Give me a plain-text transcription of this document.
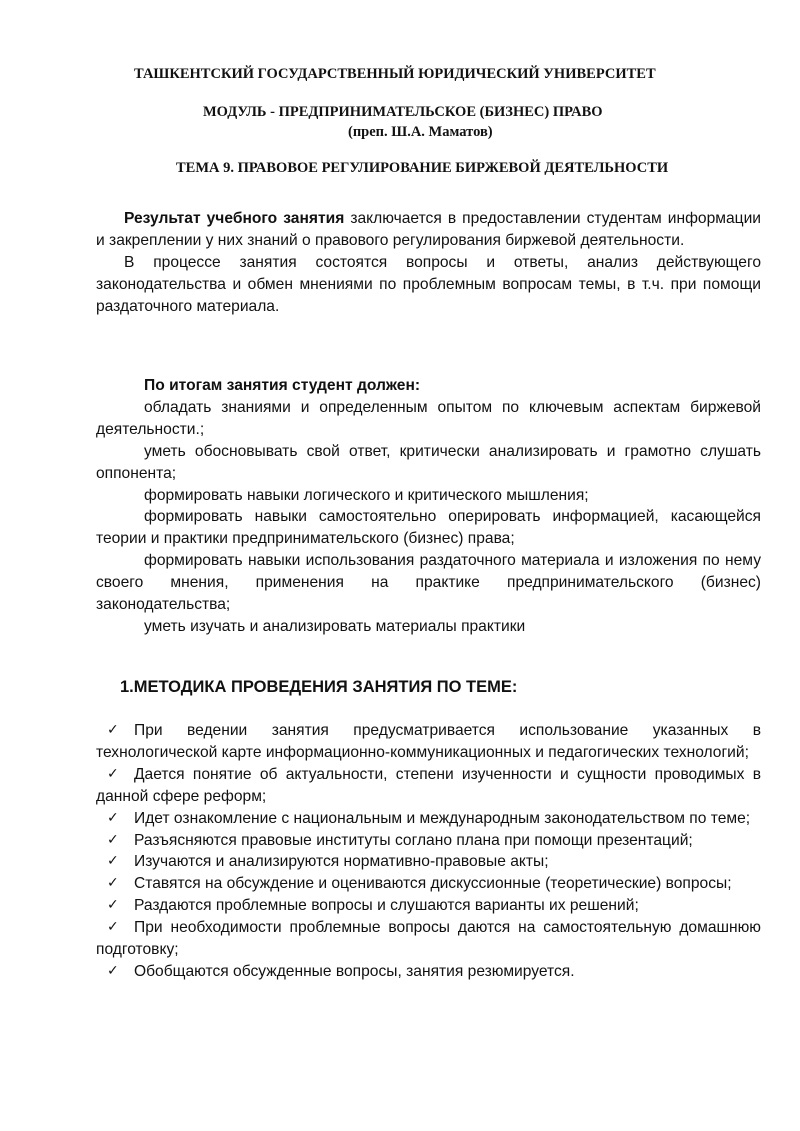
ТАШКЕНТСКИЙ ГОСУДАРСТВЕННЫЙ ЮРИДИЧЕСКИЙ УНИВЕРСИТЕТ
МОДУЛЬ - ПРЕДПРИНИМАТЕЛЬСКОЕ (БИЗНЕС) ПРАВО
(преп. Ш.А. Маматов)
ТЕМА 9. ПРАВОВОЕ РЕГУЛИРОВАНИЕ БИРЖЕВОЙ ДЕЯТЕЛЬНОСТИ

Результат учебного занятия заключается в предоставлении студентам информации и закреплении у них знаний о правового регулирования биржевой деятельности.

В процессе занятия состоятся вопросы и ответы, анализ действующего законодательства и обмен мнениями по проблемным вопросам темы, в т.ч. при помощи раздаточного материала.

По итогам занятия студент должен:

обладать знаниями и определенным опытом по ключевым аспектам биржевой деятельности.;

уметь обосновывать свой ответ, критически анализировать и грамотно слушать оппонента;

формировать навыки логического и критического мышления;

формировать навыки самостоятельно оперировать информацией, касающейся теории и практики предпринимательского (бизнес) права;

формировать навыки использования раздаточного материала и изложения по нему своего мнения, применения на практике предпринимательского (бизнес) законодательства;

уметь изучать и анализировать материалы практики

1.МЕТОДИКА ПРОВЕДЕНИЯ ЗАНЯТИЯ ПО ТЕМЕ:

✓ При ведении занятия предусматривается использование указанных в технологической карте информационно-коммуникационных и педагогических технологий;

✓ Дается понятие об актуальности, степени изученности и сущности проводимых в данной сфере реформ;

✓ Идет ознакомление с национальным и международным законодательством по теме;

✓ Разъясняются правовые институты соглано плана при помощи презентаций;

✓ Изучаются и анализируются нормативно-правовые акты;

✓ Ставятся на обсуждение и оцениваются дискуссионные (теоретические) вопросы;

✓ Раздаются проблемные вопросы и слушаются варианты их решений;

✓ При необходимости проблемные вопросы даются на самостоятельную домашнюю подготовку;

✓ Обобщаются обсужденные вопросы, занятия резюмируется.
